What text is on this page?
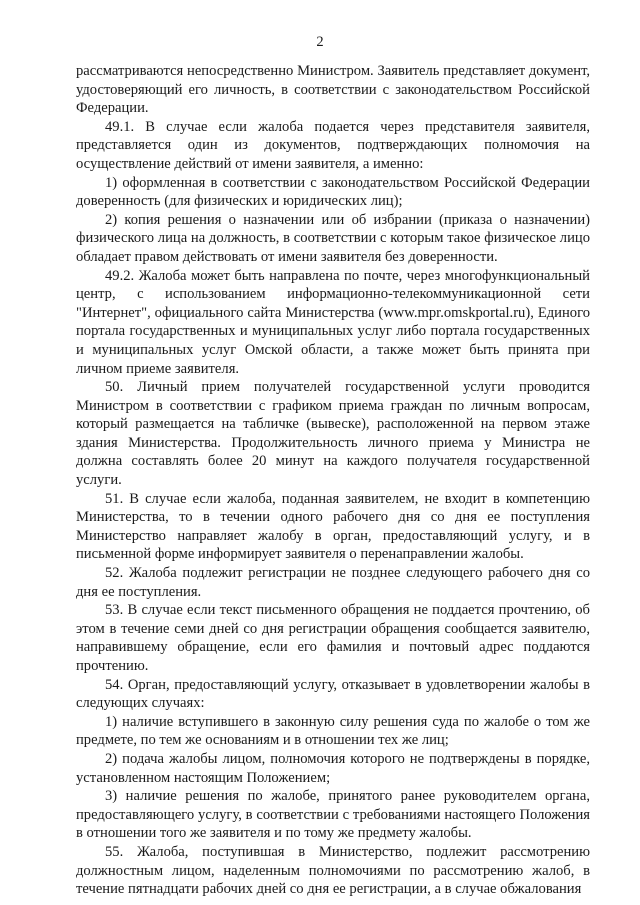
2

рассматриваются непосредственно Министром. Заявитель представляет документ, удостоверяющий его личность, в соответствии с законодательством Российской Федерации.

49.1. В случае если жалоба подается через представителя заявителя, представляется один из документов, подтверждающих полномочия на осуществление действий от имени заявителя, а именно:

1) оформленная в соответствии с законодательством Российской Федерации доверенность (для физических и юридических лиц);

2) копия решения о назначении или об избрании (приказа о назначении) физического лица на должность, в соответствии с которым такое физическое лицо обладает правом действовать от имени заявителя без доверенности.

49.2. Жалоба может быть направлена по почте, через многофункциональный центр, с использованием информационно-телекоммуникационной сети "Интернет", официального сайта Министерства (www.mpr.omskportal.ru), Единого портала государственных и муниципальных услуг либо портала государственных и муниципальных услуг Омской области, а также может быть принята при личном приеме заявителя.

50. Личный прием получателей государственной услуги проводится Министром в соответствии с графиком приема граждан по личным вопросам, который размещается на табличке (вывеске), расположенной на первом этаже здания Министерства. Продолжительность личного приема у Министра не должна составлять более 20 минут на каждого получателя государственной услуги.

51. В случае если жалоба, поданная заявителем, не входит в компетенцию Министерства, то в течении одного рабочего дня со дня ее поступления Министерство направляет жалобу в орган, предоставляющий услугу, и в письменной форме информирует заявителя о перенаправлении жалобы.

52. Жалоба подлежит регистрации не позднее следующего рабочего дня со дня ее поступления.

53. В случае если текст письменного обращения не поддается прочтению, об этом в течение семи дней со дня регистрации обращения сообщается заявителю, направившему обращение, если его фамилия и почтовый адрес поддаются прочтению.

54. Орган, предоставляющий услугу, отказывает в удовлетворении жалобы в следующих случаях:

1) наличие вступившего в законную силу решения суда по жалобе о том же предмете, по тем же основаниям и в отношении тех же лиц;

2) подача жалобы лицом, полномочия которого не подтверждены в порядке, установленном настоящим Положением;

3) наличие решения по жалобе, принятого ранее руководителем органа, предоставляющего услугу, в соответствии с требованиями настоящего Положения в отношении того же заявителя и по тому же предмету жалобы.

55. Жалоба, поступившая в Министерство, подлежит рассмотрению должностным лицом, наделенным полномочиями по рассмотрению жалоб, в течение пятнадцати рабочих дней со дня ее регистрации, а в случае обжалования
